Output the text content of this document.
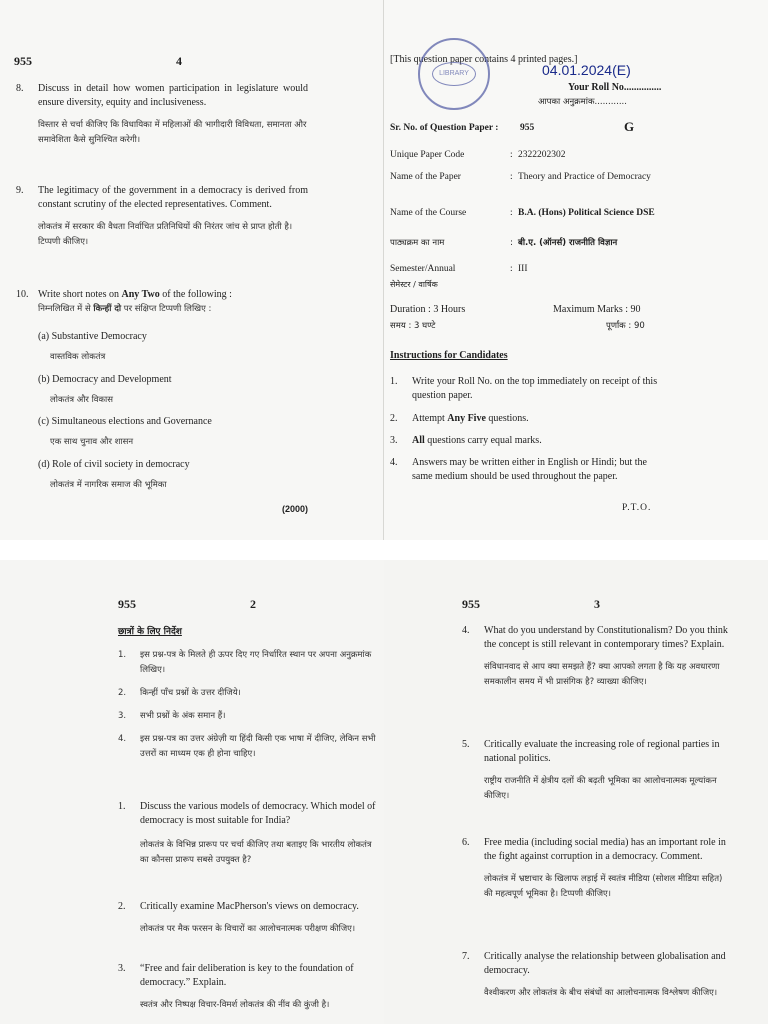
955	4
8. Discuss in detail how women participation in legislature would ensure diversity, equity and inclusiveness.
विस्तार से चर्चा कीजिए कि विधायिका में महिलाओं की भागीदारी विविधता, समानता और समावेशिता कैसे सुनिश्चित करेगी।
9. The legitimacy of the government in a democracy is derived from constant scrutiny of the elected representatives. Comment.
लोकतंत्र में सरकार की वैधता निर्वाचित प्रतिनिधियों की निरंतर जांच से प्राप्त होती है। टिप्पणी कीजिए।
10. Write short notes on Any Two of the following :
निम्नलिखित में से किन्हीं दो पर संक्षिप्त टिप्पणी लिखिए :
(a) Substantive Democracy
वास्तविक लोकतंत्र
(b) Democracy and Development
लोकतंत्र और विकास
(c) Simultaneous elections and Governance
एक साथ चुनाव और शासन
(d) Role of civil society in democracy
लोकतंत्र में नागरिक समाज की भूमिका
(2000)
[This question paper contains 4 printed pages.]
LIBRARY	04.01.2024(E)
Your Roll No...............
आपका अनुक्रमांक............
Sr. No. of Question Paper : 955	G
Unique Paper Code	: 2322202302
Name of the Paper	: Theory and Practice of Democracy
Name of the Course	: B.A. (Hons) Political Science DSE
पाठ्यक्रम का नाम	: बी.ए. (ऑनर्स) राजनीति विज्ञान
Semester/Annual	: III
सेमेस्टर / वार्षिक
Duration : 3 Hours
समय : 3 घण्टे
Maximum Marks : 90
पूर्णांक : 90
Instructions for Candidates
1. Write your Roll No. on the top immediately on receipt of this question paper.
2. Attempt Any Five questions.
3. All questions carry equal marks.
4. Answers may be written either in English or Hindi; but the same medium should be used throughout the paper.
P.T.O.
955	2
छात्रों के लिए निर्देश
1. इस प्रश्न-पत्र के मिलते ही ऊपर दिए गए निर्धारित स्थान पर अपना अनुक्रमांक लिखिए।
2. किन्हीं पाँच प्रश्नों के उत्तर दीजिये।
3. सभी प्रश्नों के अंक समान हैं।
4. इस प्रश्न-पत्र का उत्तर अंग्रेज़ी या हिंदी किसी एक भाषा में दीजिए, लेकिन सभी उत्तरों का माध्यम एक ही होना चाहिए।
1. Discuss the various models of democracy. Which model of democracy is most suitable for India?
लोकतंत्र के विभिन्न प्रारूप पर चर्चा कीजिए तथा बताइए कि भारतीय लोकतंत्र का कौनसा प्रारूप सबसे उपयुक्त है?
2. Critically examine MacPherson's views on democracy.
लोकतंत्र पर मैक फरसन के विचारों का आलोचनात्मक परीक्षण कीजिए।
3. “Free and fair deliberation is key to the foundation of democracy.” Explain.
स्वतंत्र और निष्पक्ष विचार-विमर्श लोकतंत्र की नींव की कुंजी है।
955	3
4. What do you understand by Constitutionalism? Do you think the concept is still relevant in contemporary times? Explain.
संविधानवाद से आप क्या समझते हैं? क्या आपको लगता है कि यह अवधारणा समकालीन समय में भी प्रासंगिक है? व्याख्या कीजिए।
5. Critically evaluate the increasing role of regional parties in national politics.
राष्ट्रीय राजनीति में क्षेत्रीय दलों की बढ़ती भूमिका का आलोचनात्मक मूल्यांकन कीजिए।
6. Free media (including social media) has an important role in the fight against corruption in a democracy. Comment.
लोकतंत्र में भ्रष्टाचार के खिलाफ लड़ाई में स्वतंत्र मीडिया (सोशल मीडिया सहित) की महत्वपूर्ण भूमिका है। टिप्पणी कीजिए।
7. Critically analyse the relationship between globalisation and democracy.
वैश्वीकरण और लोकतंत्र के बीच संबंधों का आलोचनात्मक विश्लेषण कीजिए।
